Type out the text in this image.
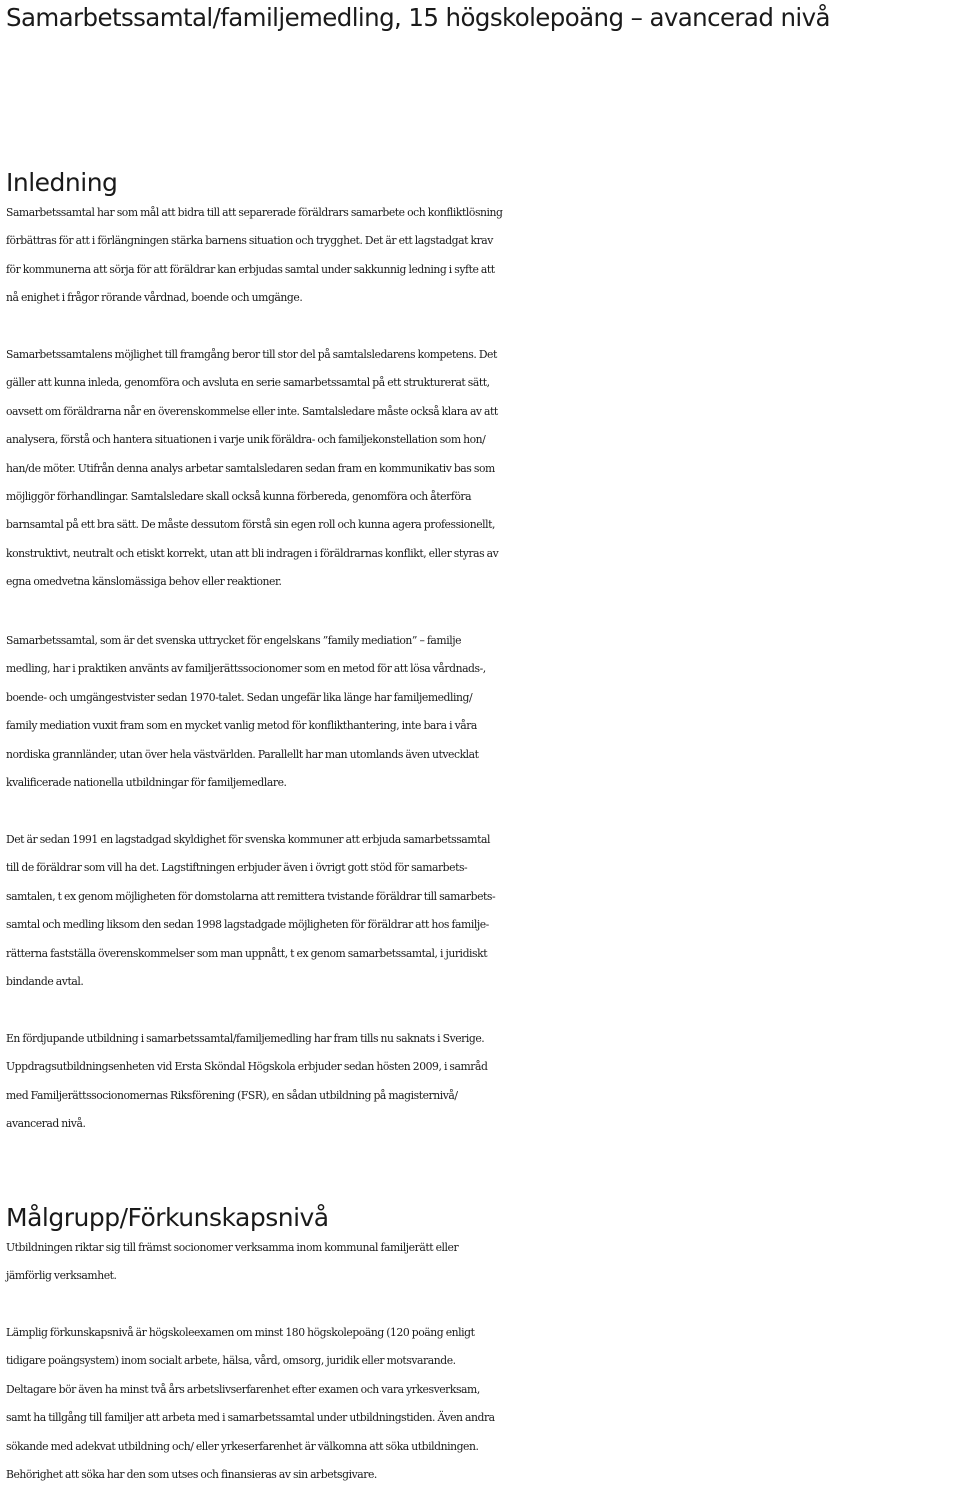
Samarbetssamtal/familjemedling, 15 högskolepoäng – avancerad nivå
Inledning

Samarbetssamtal har som mål att bidra till att separerade föräldrars samarbete och konfliktlösning
förbättras för att i förlängningen stärka barnens situation och trygghet. Det är ett lagstadgat krav
för kommunerna att sörja för att föräldrar kan erbjudas samtal under sakkunnig ledning i syfte att
nå enighet i frågor rörande vårdnad, boende och umgänge.

Samarbetssamtalens möjlighet till framgång beror till stor del på samtalsledarens kompetens. Det
gäller att kunna inleda, genomföra och avsluta en serie samarbetssamtal på ett strukturerat sätt,
oavsett om föräldrarna når en överenskommelse eller inte. Samtalsledare måste också klara av att
analysera, förstå och hantera situationen i varje unik föräldra- och familjekonstellation som hon/
han/de möter. Utifrån denna analys arbetar samtalsledaren sedan fram en kommunikativ bas som
möjliggör förhandlingar. Samtalsledare skall också kunna förbereda, genomföra och återföra
barnsamtal på ett bra sätt. De måste dessutom förstå sin egen roll och kunna agera professionellt,
konstruktivt, neutralt och etiskt korrekt, utan att bli indragen i föräldrarnas konflikt, eller styras av
egna omedvetna känslomässiga behov eller reaktioner.

Samarbetssamtal, som är det svenska uttrycket för engelskans ”family mediation” – familje
medling, har i praktiken använts av familjerättssocionomer som en metod för att lösa vårdnads-,
boende- och umgängestvister sedan 1970-talet. Sedan ungefär lika länge har familjemedling/
family mediation vuxit fram som en mycket vanlig metod för konflikthantering, inte bara i våra
nordiska grannländer, utan över hela västvärlden. Parallellt har man utomlands även utvecklat
kvalificerade nationella utbildningar för familjemedlare.

Det är sedan 1991 en lagstadgad skyldighet för svenska kommuner att erbjuda samarbetssamtal
till de föräldrar som vill ha det. Lagstiftningen erbjuder även i övrigt gott stöd för samarbets-
samtalen, t ex genom möjligheten för domstolarna att remittera tvistande föräldrar till samarbets-
samtal och medling liksom den sedan 1998 lagstadgade möjligheten för föräldrar att hos familje-
rätterna fastställa överenskommelser som man uppnått, t ex genom samarbetssamtal, i juridiskt
bindande avtal.

En fördjupande utbildning i samarbetssamtal/familjemedling har fram tills nu saknats i Sverige.
Uppdragsutbildningsenheten vid Ersta Sköndal Högskola erbjuder sedan hösten 2009, i samråd
med Familjerättssocionomernas Riksförening (FSR), en sådan utbildning på magisternivå/
avancerad nivå.

Målgrupp/Förkunskapsnivå

Utbildningen riktar sig till främst socionomer verksamma inom kommunal familjerätt eller
jämförlig verksamhet.

Lämplig förkunskapsnivå är högskoleexamen om minst 180 högskolepoäng (120 poäng enligt
tidigare poängsystem) inom socialt arbete, hälsa, vård, omsorg, juridik eller motsvarande.
Deltagare bör även ha minst två års arbetslivserfarenhet efter examen och vara yrkesverksam,
samt ha tillgång till familjer att arbeta med i samarbetssamtal under utbildningstiden. Även andra
sökande med adekvat utbildning och/ eller yrkeserfarenhet är välkomna att söka utbildningen.
Behörighet att söka har den som utses och finansieras av sin arbetsgivare.
